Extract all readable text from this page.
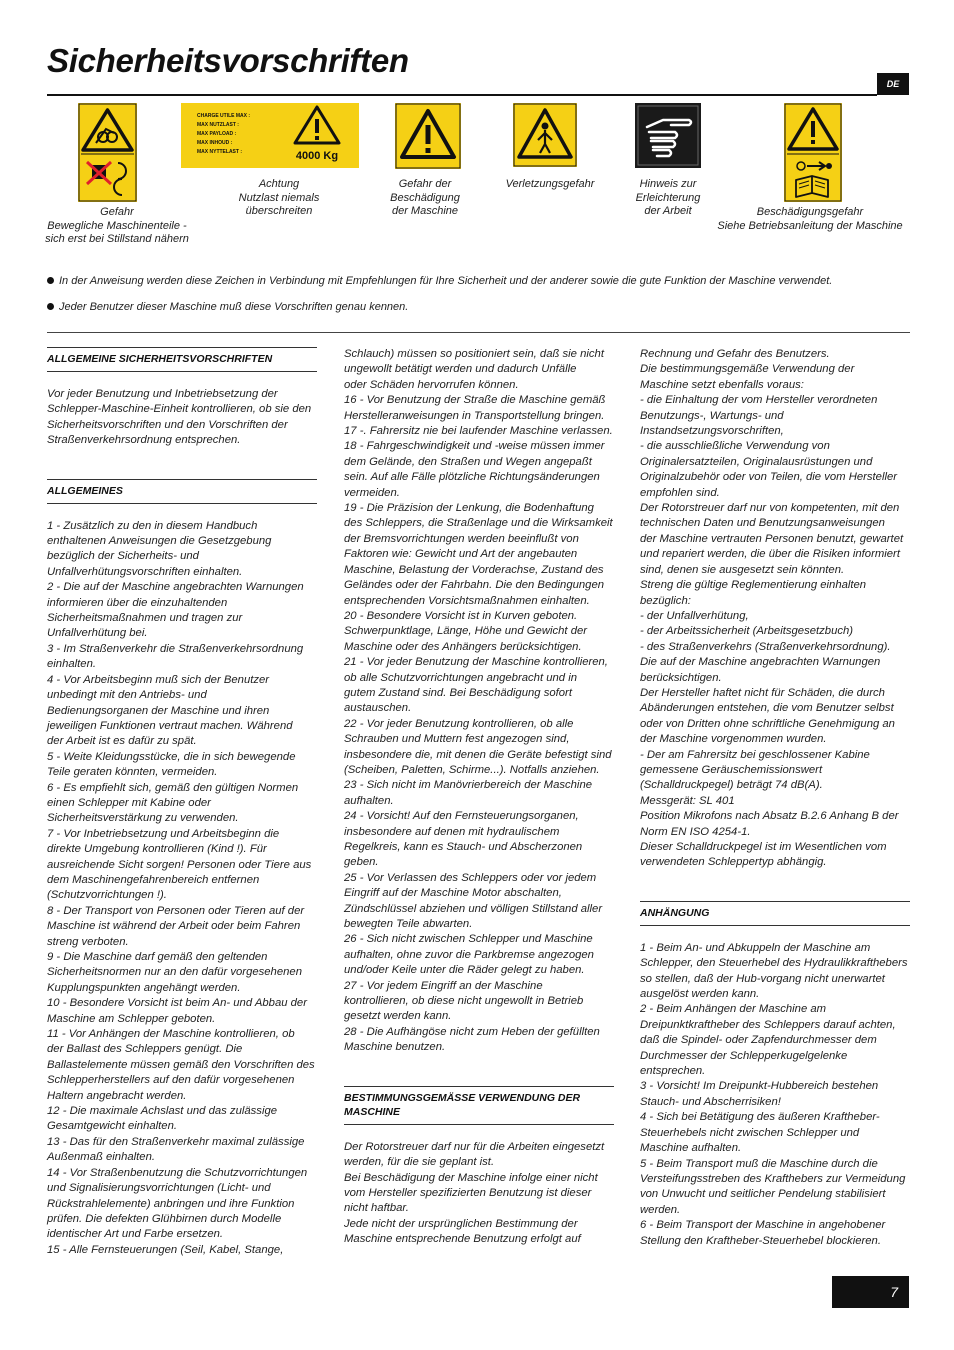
Sicherheitsvorschriften
DE
Gefahr
Bewegliche Maschinenteile -
sich erst bei Stillstand nähern
CHARGE UTILE MAX :
MAX NUTZLAST :
MAX PAYLOAD :
MAX INHOUD :
MAX NYTTELAST :	4000 Kg
Achtung
Nutzlast niemals
überschreiten
Gefahr der
Beschädigung
der Maschine
Verletzungsgefahr	Hinweis zur
Erleichterung
der Arbeit	Beschädigungsgefahr
Siehe Betriebsanleitung der Maschine
In der Anweisung werden diese Zeichen in Verbindung mit Empfehlungen für Ihre Sicherheit und der anderer sowie die gute Funktion der Maschine verwendet.
Jeder Benutzer dieser Maschine muß diese Vorschriften genau kennen.
ALLGEMEINE SICHERHEITSVORSCHRIFTEN

Vor jeder Benutzung und Inbetriebsetzung der

Schlepper-Maschine-Einheit kontrollieren, ob sie den

Sicherheitsvorschriften und den Vorschriften der

Straßenverkehrsordnung entsprechen.

ALLGEMEINES

1 - Zusätzlich zu den in diesem Handbuch

enthaltenen Anweisungen die Gesetzgebung

bezüglich der Sicherheits- und

Unfallverhütungsvorschriften einhalten.

2 - Die auf der Maschine angebrachten Warnungen

informieren über die einzuhaltenden

Sicherheitsmaßnahmen und tragen zur

Unfallverhütung bei.

3 - Im Straßenverkehr die Straßenverkehrsordnung

einhalten.

4 - Vor Arbeitsbeginn muß sich der Benutzer

unbedingt mit den Antriebs- und

Bedienungsorganen der Maschine und ihren

jeweiligen Funktionen vertraut machen. Während

der Arbeit ist es dafür zu spät.

5 - Weite Kleidungsstücke, die in sich bewegende

Teile geraten könnten, vermeiden.

6 - Es empfiehlt sich, gemäß den gültigen Normen

einen Schlepper mit Kabine oder

Sicherheitsverstärkung zu verwenden.

7 - Vor Inbetriebsetzung und Arbeitsbeginn die

direkte Umgebung kontrollieren (Kind !). Für

ausreichende Sicht sorgen! Personen oder Tiere aus

dem Maschinengefahrenbereich entfernen

(Schutzvorrichtungen !).

8 - Der Transport von Personen oder Tieren auf der

Maschine ist während der Arbeit oder beim Fahren

streng verboten.

9 - Die Maschine darf gemäß den geltenden

Sicherheitsnormen nur an den dafür vorgesehenen

Kupplungspunkten angehängt werden.

10 - Besondere Vorsicht ist beim An- und Abbau der

Maschine am Schlepper geboten.

11 - Vor Anhängen der Maschine kontrollieren, ob

der Ballast des Schleppers genügt. Die

Ballastelemente müssen gemäß den Vorschriften des

Schlepperherstellers auf den dafür vorgesehenen

Haltern angebracht werden.

12 - Die maximale Achslast und das zulässige

Gesamtgewicht einhalten.

13 - Das für den Straßenverkehr maximal zulässige

Außenmaß einhalten.

14 - Vor Straßenbenutzung die Schutzvorrichtungen

und Signalisierungsvorrichtungen (Licht- und

Rückstrahlelemente) anbringen und ihre Funktion

prüfen. Die defekten Glühbirnen durch Modelle

identischer Art und Farbe ersetzen.

15 - Alle Fernsteuerungen (Seil, Kabel, Stange,

Schlauch) müssen so positioniert sein, daß sie nicht

ungewollt betätigt werden und dadurch Unfälle

oder Schäden hervorrufen können.

16 - Vor Benutzung der Straße die Maschine gemäß

Herstelleranweisungen in Transportstellung bringen.

17 -. Fahrersitz nie bei laufender Maschine verlassen.

18 - Fahrgeschwindigkeit und -weise müssen immer

dem Gelände, den Straßen und Wegen angepaßt

sein. Auf alle Fälle plötzliche Richtungsänderungen

vermeiden.

19 - Die Präzision der Lenkung, die Bodenhaftung

des Schleppers, die Straßenlage und die Wirksamkeit

der Bremsvorrichtungen werden beeinflußt von

Faktoren wie: Gewicht und Art der angebauten

Maschine, Belastung der Vorderachse, Zustand des

Geländes oder der Fahrbahn. Die den Bedingungen

entsprechenden Vorsichtsmaßnahmen einhalten.

20 - Besondere Vorsicht ist in Kurven geboten.

Schwerpunktlage, Länge, Höhe und Gewicht der

Maschine oder des Anhängers berücksichtigen.

21 - Vor jeder Benutzung der Maschine kontrollieren,

ob alle Schutzvorrichtungen angebracht und in

gutem Zustand sind. Bei Beschädigung sofort

austauschen.

22 - Vor jeder Benutzung kontrollieren, ob alle

Schrauben und Muttern fest angezogen sind,

insbesondere die, mit denen die Geräte befestigt sind

(Scheiben, Paletten, Schirme...). Notfalls anziehen.

23 - Sich nicht im Manövrierbereich der Maschine

aufhalten.

24 - Vorsicht! Auf den Fernsteuerungsorganen,

insbesondere auf denen mit hydraulischem

Regelkreis, kann es Stauch- und Abscherzonen

geben.

25 - Vor Verlassen des Schleppers oder vor jedem

Eingriff auf der Maschine Motor abschalten,

Zündschlüssel abziehen und völligen Stillstand aller

bewegten Teile abwarten.

26 - Sich nicht zwischen Schlepper und Maschine

aufhalten, ohne zuvor die Parkbremse angezogen

und/oder Keile unter die Räder gelegt zu haben.

27 - Vor jedem Eingriff an der Maschine

kontrollieren, ob diese nicht ungewollt in Betrieb

gesetzt werden kann.

28 - Die Aufhängöse nicht zum Heben der gefüllten

Maschine benutzen.

BESTIMMUNGSGEMÄSSE VERWENDUNG DER MASCHINE

Der Rotorstreuer darf nur für die Arbeiten eingesetzt

werden, für die sie geplant ist.

Bei Beschädigung der Maschine infolge einer nicht

vom Hersteller spezifizierten Benutzung ist dieser

nicht haftbar.

Jede nicht der ursprünglichen Bestimmung der

Maschine entsprechende Benutzung erfolgt auf

Rechnung und Gefahr des Benutzers.

Die bestimmungsgemäße Verwendung der

Maschine setzt ebenfalls voraus:

- die Einhaltung der vom Hersteller verordneten

Benutzungs-, Wartungs- und

Instandsetzungsvorschriften,

- die ausschließliche Verwendung von

Originalersatzteilen, Originalausrüstungen und

Originalzubehör oder von Teilen, die vom Hersteller

empfohlen sind.

Der Rotorstreuer darf nur von kompetenten, mit den

technischen Daten und Benutzungsanweisungen

der Maschine vertrauten Personen benutzt, gewartet

und repariert werden, die über die Risiken informiert

sind, denen sie ausgesetzt sein könnten.

Streng die gültige Reglementierung einhalten

bezüglich:

- der Unfallverhütung,

- der Arbeitssicherheit (Arbeitsgesetzbuch)

- des Straßenverkehrs (Straßenverkehrsordnung).

Die auf der Maschine angebrachten Warnungen

berücksichtigen.

Der Hersteller haftet nicht für Schäden, die durch

Abänderungen entstehen, die vom Benutzer selbst

oder von Dritten ohne schriftliche Genehmigung an

der Maschine vorgenommen wurden.

- Der am Fahrersitz bei geschlossener Kabine

gemessene Geräuschemissionswert

(Schalldruckpegel) beträgt 74 dB(A).

Messgerät: SL 401

Position Mikrofons nach Absatz B.2.6 Anhang B der

Norm EN ISO 4254-1.

Dieser Schalldruckpegel ist im Wesentlichen vom

verwendeten Schleppertyp abhängig.

ANHÄNGUNG

1 - Beim An- und Abkuppeln der Maschine am

Schlepper, den Steuerhebel des Hydraulikkrafthebers

so stellen, daß der Hub-vorgang nicht unerwartet

ausgelöst werden kann.

2 - Beim Anhängen der Maschine am

Dreipunktkraftheber des Schleppers darauf achten,

daß die Spindel- oder Zapfendurchmesser dem

Durchmesser der Schlepperkugelgelenke

entsprechen.

3 - Vorsicht! Im Dreipunkt-Hubbereich bestehen

Stauch- und Abscherrisiken!

4 - Sich bei Betätigung des äußeren Kraftheber-

Steuerhebels nicht zwischen Schlepper und

Maschine aufhalten.

5 - Beim Transport muß die Maschine durch die

Versteifungsstreben des Krafthebers zur Vermeidung

von Unwucht und seitlicher Pendelung stabilisiert

werden.

6 - Beim Transport der Maschine in angehobener

Stellung den Kraftheber-Steuerhebel blockieren.

7
